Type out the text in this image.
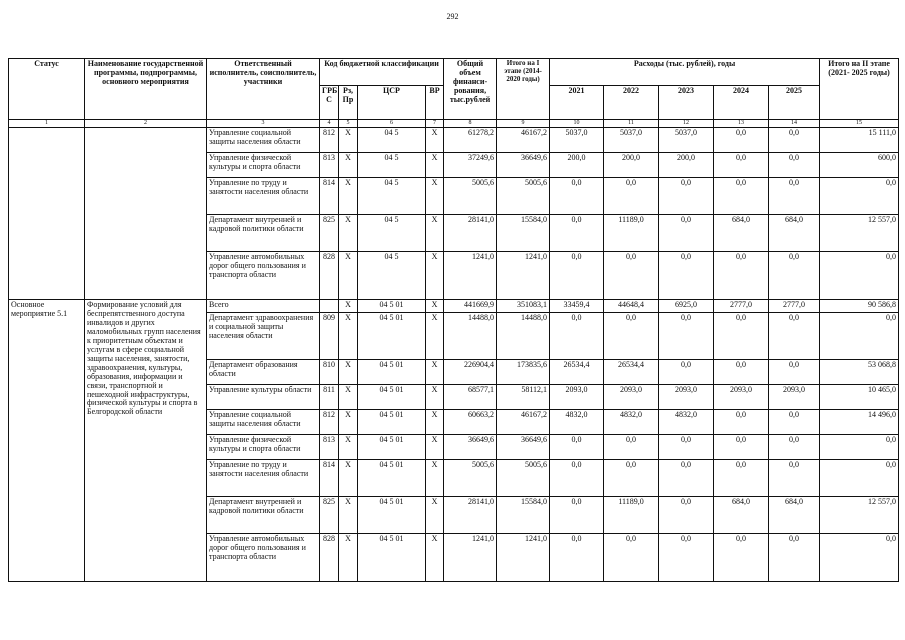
292
Статус	Наименование государственной программы, подпрограммы, основного мероприятия	Ответственный исполнитель, соисполнитель, участники	Код бюджетной классификации				Общий объем финанси- рования, тыс.рублей	Итого на I этапе (2014-2020 годы)	Расходы (тыс. рублей), годы					Итого на II этапе (2021- 2025 годы)
			ГРБ С	Рз, Пр	ЦСР	ВР			2021	2022	2023	2024	2025	
1	2	3	4	5	6	7	8	9	10	11	12	13	14	15
		Управление социальной защиты населения области	812	X	04 5	X	61278,2	46167,2	5037,0	5037,0	5037,0	0,0	0,0	15 111,0
		Управление физической культуры и спорта области	813	X	04 5	X	37249,6	36649,6	200,0	200,0	200,0	0,0	0,0	600,0
		Управление по труду и занятости населения области	814	X	04 5	X	5005,6	5005,6	0,0	0,0	0,0	0,0	0,0	0,0
		Департамент внутренней и кадровой политики области	825	X	04 5	X	28141,0	15584,0	0,0	11189,0	0,0	684,0	684,0	12 557,0
		Управление автомобильных дорог общего пользования и транспорта области	828	X	04 5	X	1241,0	1241,0	0,0	0,0	0,0	0,0	0,0	0,0
Основное мероприятие 5.1	Формирование условий для беспрепятственного доступа инвалидов и других маломобильных групп населения к приоритетным объектам и услугам в сфере социальной защиты населения, занятости, здравоохранения, культуры, образования, информации и связи, транспортной и пешеходной инфраструктуры, физической культуры и спорта в Белгородской области	Всего		X	04 5 01	X	441669,9	351083,1	33459,4	44648,4	6925,0	2777,0	2777,0	90 586,8
		Департамент здравоохранения и социальной защиты населения области	809	X	04 5 01	X	14488,0	14488,0	0,0	0,0	0,0	0,0	0,0	0,0
		Департамент образования области	810	X	04 5 01	X	226904,4	173835,6	26534,4	26534,4	0,0	0,0	0,0	53 068,8
		Управление культуры области	811	X	04 5 01	X	68577,1	58112,1	2093,0	2093,0	2093,0	2093,0	2093,0	10 465,0
		Управление социальной защиты населения области	812	X	04 5 01	X	60663,2	46167,2	4832,0	4832,0	4832,0	0,0	0,0	14 496,0
		Управление физической культуры и спорта области	813	X	04 5 01	X	36649,6	36649,6	0,0	0,0	0,0	0,0	0,0	0,0
		Управление по труду и занятости населения области	814	X	04 5 01	X	5005,6	5005,6	0,0	0,0	0,0	0,0	0,0	0,0
		Департамент внутренней и кадровой политики области	825	X	04 5 01	X	28141,0	15584,0	0,0	11189,0	0,0	684,0	684,0	12 557,0
		Управление автомобильных дорог общего пользования и транспорта области	828	X	04 5 01	X	1241,0	1241,0	0,0	0,0	0,0	0,0	0,0	0,0
